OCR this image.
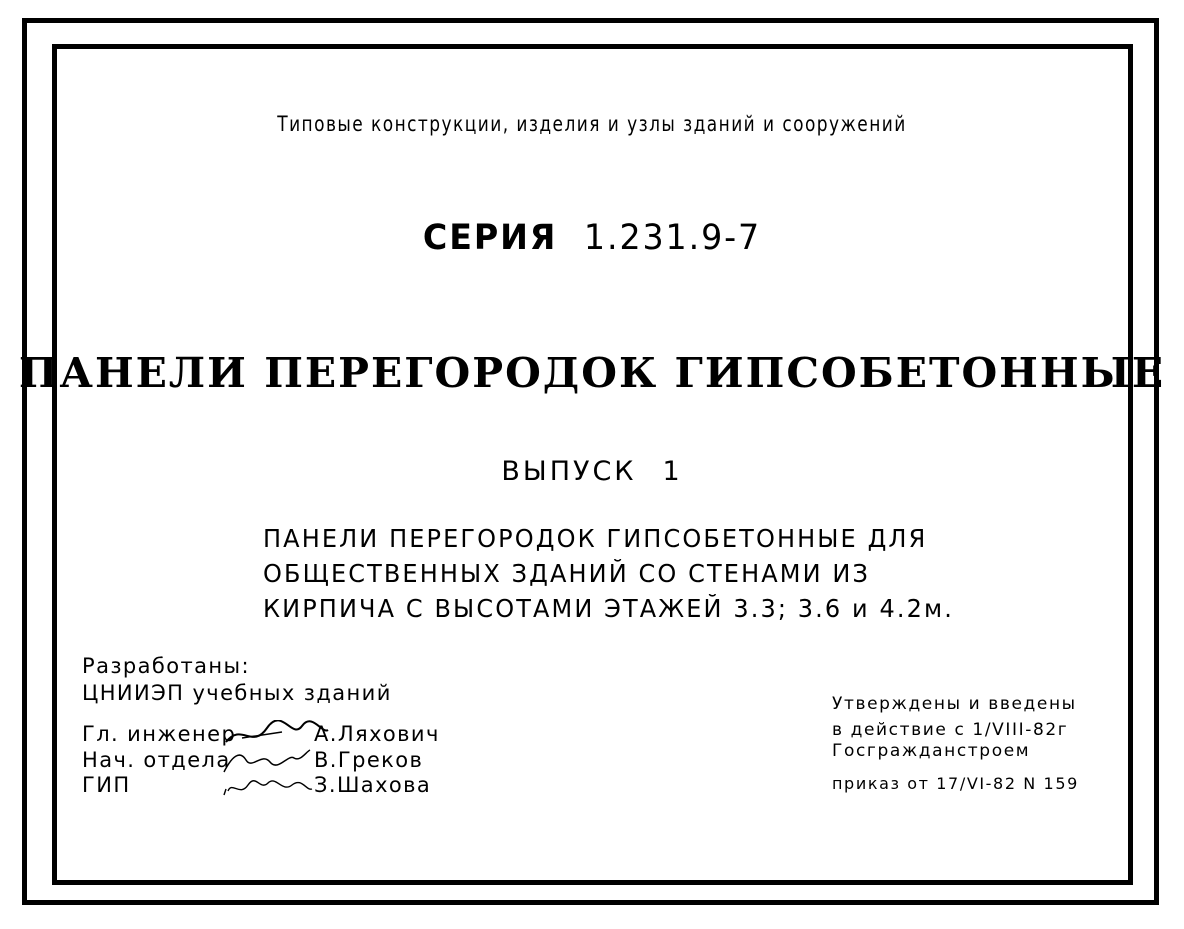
Типовые конструкции, изделия и узлы зданий и сооружений
СЕРИЯ 1.231.9-7
ПАНЕЛИ ПЕРЕГОРОДОК ГИПСОБЕТОННЫЕ
ВЫПУСК 1
ПАНЕЛИ ПЕРЕГОРОДОК ГИПСОБЕТОННЫЕ ДЛЯ
ОБЩЕСТВЕННЫХ ЗДАНИЙ СО СТЕНАМИ ИЗ
КИРПИЧА С ВЫСОТАМИ ЭТАЖЕЙ 3.3; 3.6 и 4.2м.
Разработаны:
ЦНИИЭП учебных зданий
Гл. инженер	А.Ляхович
Нач. отдела	В.Греков
ГИП	З.Шахова
Утверждены и введены
в действие с 1/VIII-82г
Госгражданстроем
приказ от 17/VI-82 N 159
